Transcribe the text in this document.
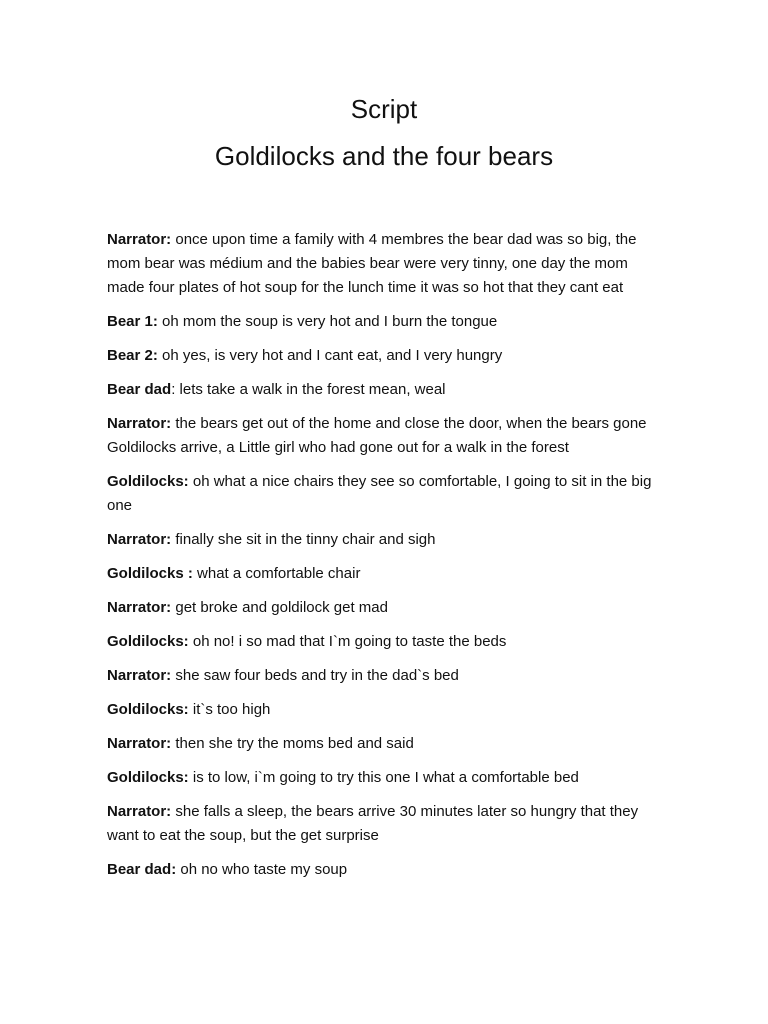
Script
Goldilocks and the four bears

Narrator: once upon time a family with 4 membres the bear dad was so big, the mom bear was médium and the babies bear were very tinny, one day the mom made four plates of hot soup for the lunch time it was so hot that they cant eat

Bear 1: oh mom the soup is very hot and I burn the tongue

Bear 2: oh yes, is very hot and I cant eat, and I very hungry

Bear dad: lets take a walk in the forest mean, weal

Narrator: the bears get out of the home and close the door, when the bears gone Goldilocks arrive, a Little girl who had gone out for a walk in the forest

Goldilocks: oh what a nice chairs they see so comfortable, I going to sit in the big one

Narrator: finally she sit in the tinny chair and sigh

Goldilocks : what a comfortable chair

Narrator: get broke and goldilock get mad

Goldilocks: oh no! i so mad that I`m going to taste the beds

Narrator: she saw four beds and try in the dad`s bed

Goldilocks: it`s too high

Narrator: then she try the moms bed and said

Goldilocks: is to low, i`m going to try this one I what a comfortable bed

Narrator: she falls a sleep, the bears arrive 30 minutes later so hungry that they want to eat the soup, but the get surprise

Bear dad: oh no who taste my soup
